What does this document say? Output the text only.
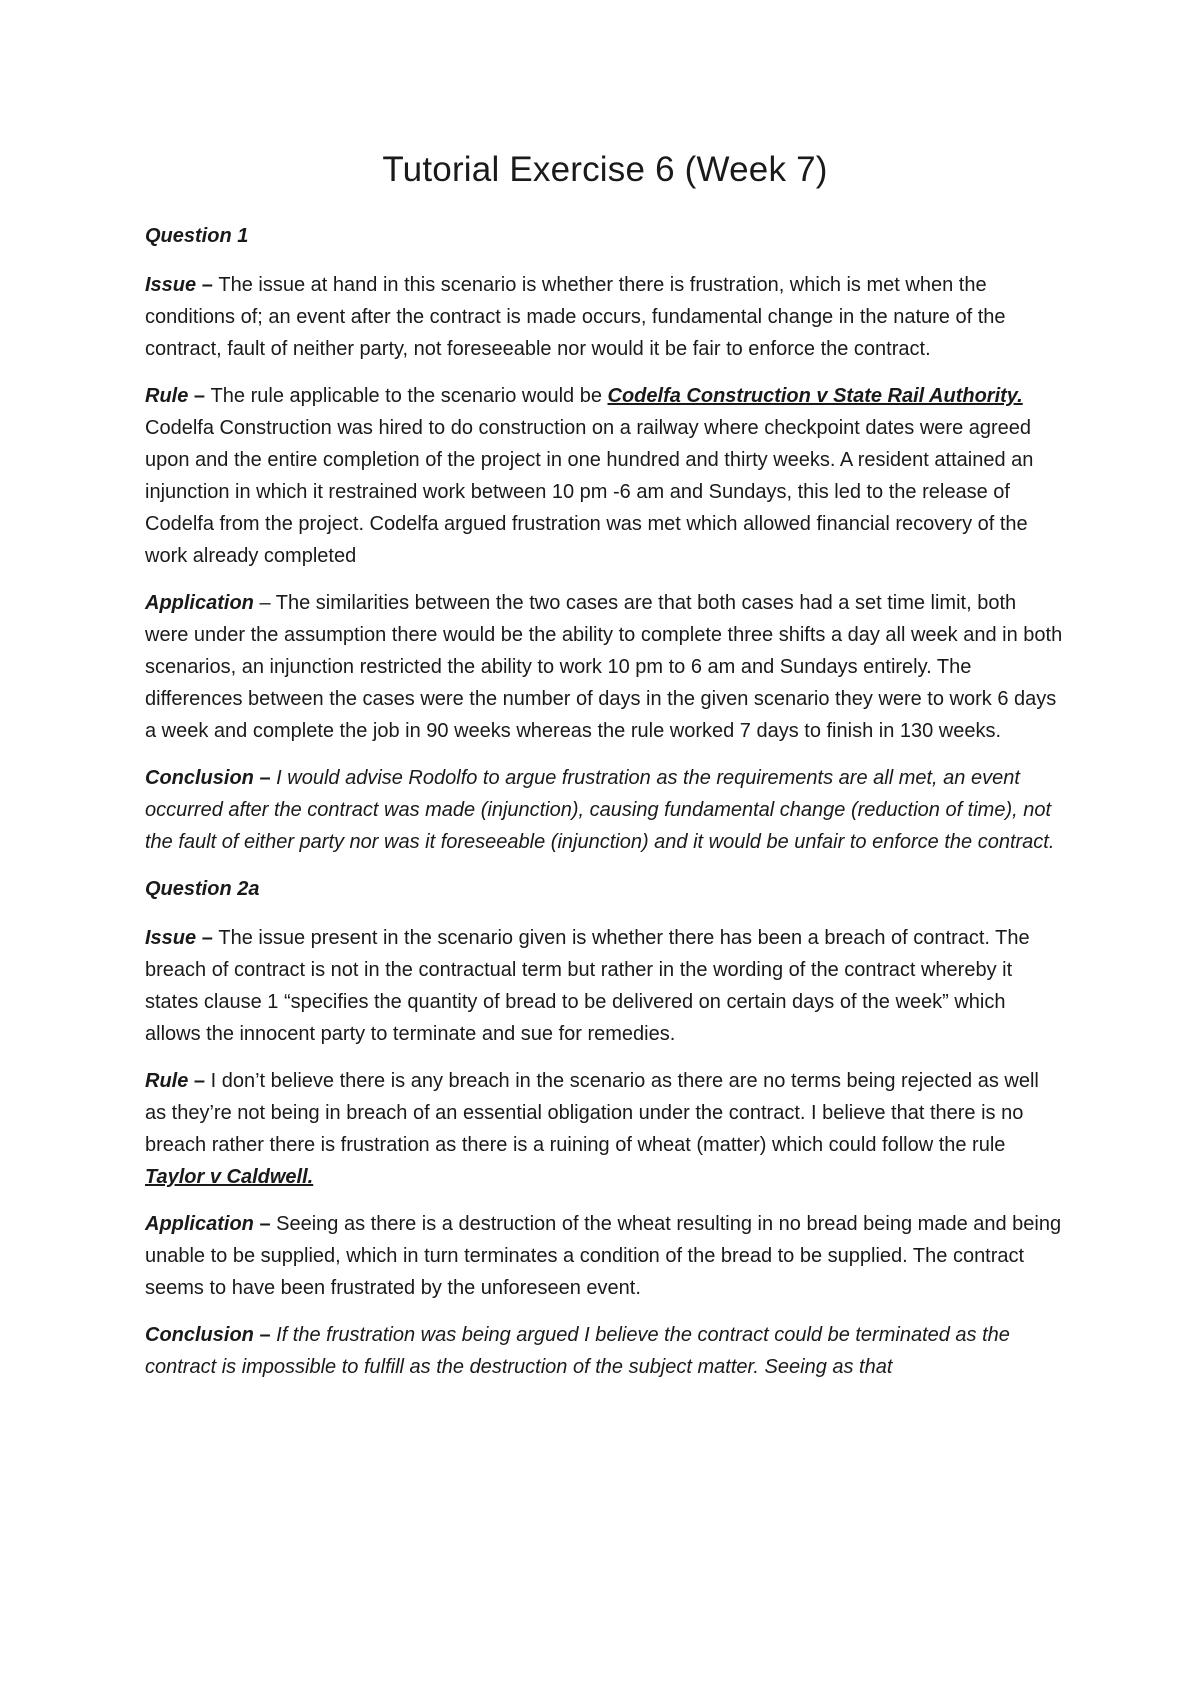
Tutorial Exercise 6 (Week 7)
Question 1

Issue – The issue at hand in this scenario is whether there is frustration, which is met when the conditions of; an event after the contract is made occurs, fundamental change in the nature of the contract, fault of neither party, not foreseeable nor would it be fair to enforce the contract.

Rule – The rule applicable to the scenario would be Codelfa Construction v State Rail Authority. Codelfa Construction was hired to do construction on a railway where checkpoint dates were agreed upon and the entire completion of the project in one hundred and thirty weeks. A resident attained an injunction in which it restrained work between 10 pm -6 am and Sundays, this led to the release of Codelfa from the project. Codelfa argued frustration was met which allowed financial recovery of the work already completed

Application – The similarities between the two cases are that both cases had a set time limit, both were under the assumption there would be the ability to complete three shifts a day all week and in both scenarios, an injunction restricted the ability to work 10 pm to 6 am and Sundays entirely. The differences between the cases were the number of days in the given scenario they were to work 6 days a week and complete the job in 90 weeks whereas the rule worked 7 days to finish in 130 weeks.

Conclusion – I would advise Rodolfo to argue frustration as the requirements are all met, an event occurred after the contract was made (injunction), causing fundamental change (reduction of time), not the fault of either party nor was it foreseeable (injunction) and it would be unfair to enforce the contract.

Question 2a

Issue – The issue present in the scenario given is whether there has been a breach of contract. The breach of contract is not in the contractual term but rather in the wording of the contract whereby it states clause 1 “specifies the quantity of bread to be delivered on certain days of the week” which allows the innocent party to terminate and sue for remedies.

Rule – I don’t believe there is any breach in the scenario as there are no terms being rejected as well as they’re not being in breach of an essential obligation under the contract. I believe that there is no breach rather there is frustration as there is a ruining of wheat (matter) which could follow the rule Taylor v Caldwell.

Application – Seeing as there is a destruction of the wheat resulting in no bread being made and being unable to be supplied, which in turn terminates a condition of the bread to be supplied. The contract seems to have been frustrated by the unforeseen event.

Conclusion – If the frustration was being argued I believe the contract could be terminated as the contract is impossible to fulfill as the destruction of the subject matter. Seeing as that
